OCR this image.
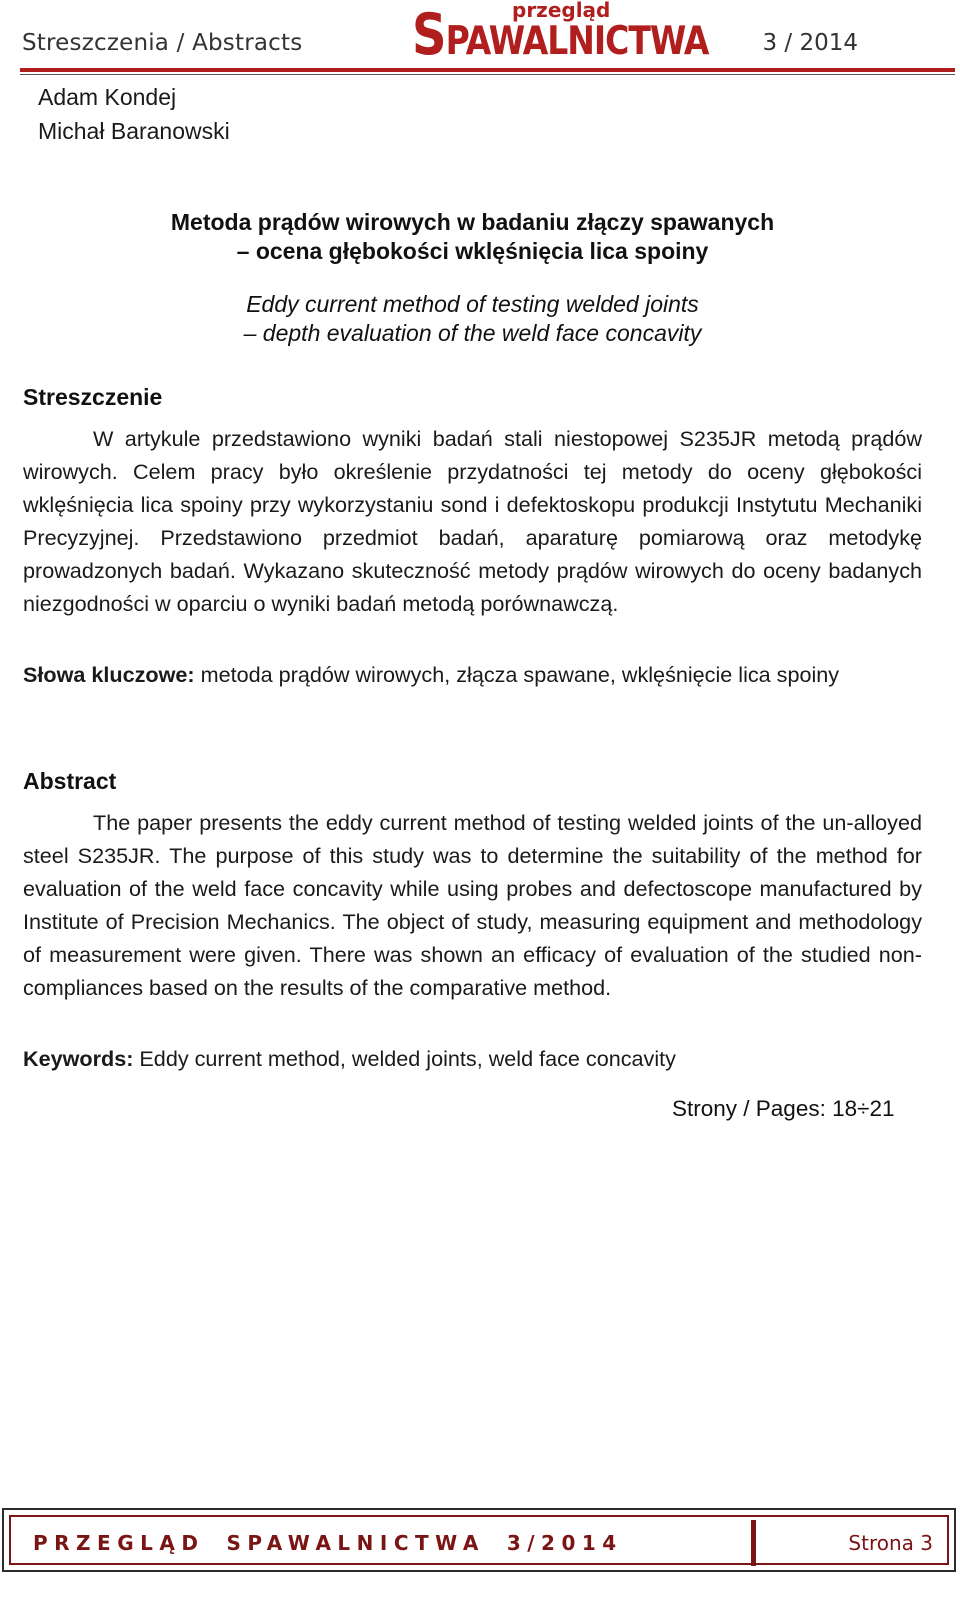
Streszczenia / Abstracts
przegląd
SPAWALNICTWA 3 / 2014
Adam Kondej
Michał Baranowski
Metoda prądów wirowych w badaniu złączy spawanych
– ocena głębokości wklęśnięcia lica spoiny
Eddy current method of testing welded joints
– depth evaluation of the weld face concavity
Streszczenie
W artykule przedstawiono wyniki badań stali niestopowej S235JR metodą prądów wirowych. Celem pracy było określenie przydatności tej metody do oceny głębokości wklęśnięcia lica spoiny przy wykorzystaniu sond i defektoskopu produkcji Instytutu Mechaniki Precyzyjnej. Przedstawiono przedmiot badań, aparaturę pomiarową oraz metodykę prowadzonych badań. Wykazano skuteczność metody prądów wirowych do oceny badanych niezgodności w oparciu o wyniki badań metodą porównawczą.
Słowa kluczowe: metoda prądów wirowych, złącza spawane, wklęśnięcie lica spoiny
Abstract
The paper presents the eddy current method of testing welded joints of the un-alloyed steel S235JR. The purpose of this study was to determine the suitability of the method for evaluation of the weld face concavity while using probes and defectoscope manufactured by Institute of Precision Mechanics. The object of study, measuring equipment and methodology of measurement were given. There was shown an efficacy of evaluation of the studied non-compliances based on the results of the comparative method.
Keywords: Eddy current method, welded joints, weld face concavity
Strony / Pages: 18÷21
PRZEGLĄD SPAWALNICTWA 3/2014	Strona 3
